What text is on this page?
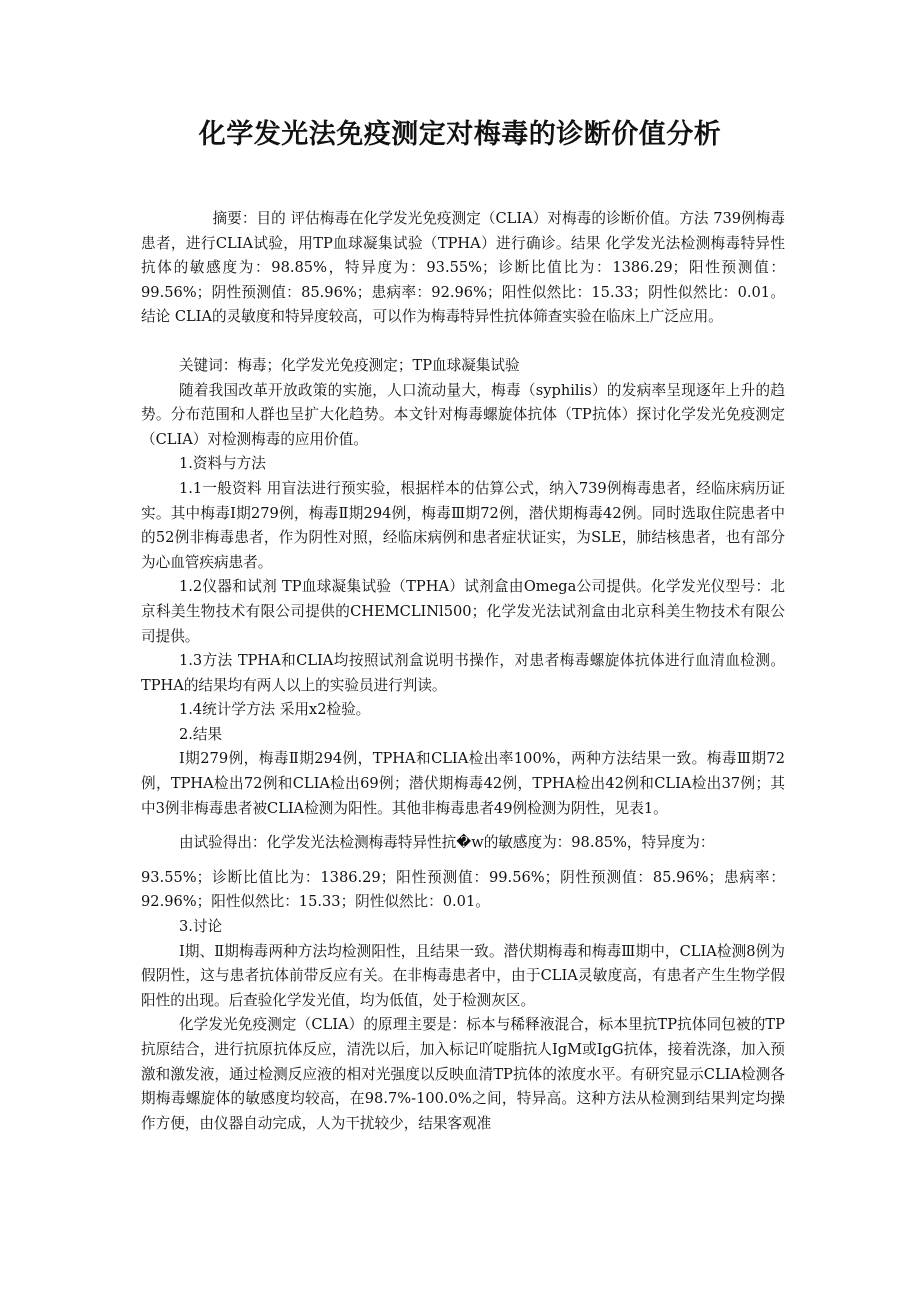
化学发光法免疫测定对梅毒的诊断价值分析

摘要：目的 评估梅毒在化学发光免疫测定（CLIA）对梅毒的诊断价值。方法 739例梅毒患者，进行CLIA试验，用TP血球凝集试验（TPHA）进行确诊。结果 化学发光法检测梅毒特异性抗体的敏感度为：98.85%，特异度为：93.55%；诊断比值比为：1386.29；阳性预测值：99.56%；阴性预测值：85.96%；患病率：92.96%；阳性似然比：15.33；阴性似然比：0.01。结论 CLIA的灵敏度和特异度较高，可以作为梅毒特异性抗体筛查实验在临床上广泛应用。

关键词：梅毒；化学发光免疫测定；TP血球凝集试验

随着我国改革开放政策的实施，人口流动量大，梅毒（syphilis）的发病率呈现逐年上升的趋势。分布范围和人群也呈扩大化趋势。本文针对梅毒螺旋体抗体（TP抗体）探讨化学发光免疫测定（CLIA）对检测梅毒的应用价值。

1.资料与方法

1.1一般资料 用盲法进行预实验，根据样本的估算公式，纳入739例梅毒患者，经临床病历证实。其中梅毒Ⅰ期279例，梅毒Ⅱ期294例，梅毒Ⅲ期72例，潜伏期梅毒42例。同时选取住院患者中的52例非梅毒患者，作为阴性对照，经临床病例和患者症状证实，为SLE，肺结核患者，也有部分为心血管疾病患者。

1.2仪器和试剂 TP血球凝集试验（TPHA）试剂盒由Omega公司提供。化学发光仪型号：北京科美生物技术有限公司提供的CHEMCLINl500；化学发光法试剂盒由北京科美生物技术有限公司提供。

1.3方法 TPHA和CLIA均按照试剂盒说明书操作，对患者梅毒螺旋体抗体进行血清血检测。TPHA的结果均有两人以上的实验员进行判读。

1.4统计学方法 采用x2检验。

2.结果

Ⅰ期279例，梅毒Ⅱ期294例，TPHA和CLIA检出率100%，两种方法结果一致。梅毒Ⅲ期72例，TPHA检出72例和CLIA检出69例；潜伏期梅毒42例，TPHA检出42例和CLIA检出37例；其中3例非梅毒患者被CLIA检测为阳性。其他非梅毒患者49例检测为阴性，见表1。

由试验得出：化学发光法检测梅毒特异性抗�w的敏感度为：98.85%，特异度为：

93.55%；诊断比值比为：1386.29；阳性预测值：99.56%；阴性预测值：85.96%；患病率：92.96%；阳性似然比：15.33；阴性似然比：0.01。

3.讨论

Ⅰ期、Ⅱ期梅毒两种方法均检测阳性，且结果一致。潜伏期梅毒和梅毒Ⅲ期中，CLIA检测8例为假阴性，这与患者抗体前带反应有关。在非梅毒患者中，由于CLIA灵敏度高，有患者产生生物学假阳性的出现。后查验化学发光值，均为低值，处于检测灰区。

化学发光免疫测定（CLIA）的原理主要是：标本与稀释液混合，标本里抗TP抗体同包被的TP抗原结合，进行抗原抗体反应，清洗以后，加入标记吖啶脂抗人IgM或IgG抗体，接着洗涤，加入预激和激发液，通过检测反应液的相对光强度以反映血清TP抗体的浓度水平。有研究显示CLIA检测各期梅毒螺旋体的敏感度均较高，在98.7%-100.0%之间，特异高。这种方法从检测到结果判定均操作方便，由仪器自动完成，人为干扰较少，结果客观准
